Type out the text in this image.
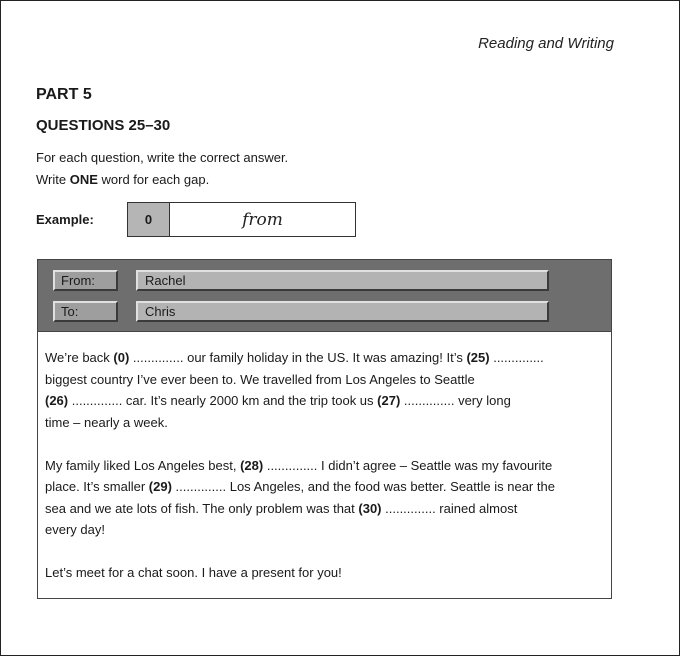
Reading and Writing
PART 5
QUESTIONS 25–30
For each question, write the correct answer.
Write ONE word for each gap.
Example:	0	from
From:	Rachel
To:	Chris

We’re back (0) .............. our family holiday in the US. It was amazing! It’s (25) ..............

biggest country I’ve ever been to. We travelled from Los Angeles to Seattle

(26) .............. car. It’s nearly 2000 km and the trip took us (27) .............. very long

time – nearly a week.

My family liked Los Angeles best, (28) .............. I didn’t agree – Seattle was my favourite

place. It’s smaller (29) .............. Los Angeles, and the food was better. Seattle is near the

sea and we ate lots of fish. The only problem was that (30) .............. rained almost

every day!

Let’s meet for a chat soon. I have a present for you!
